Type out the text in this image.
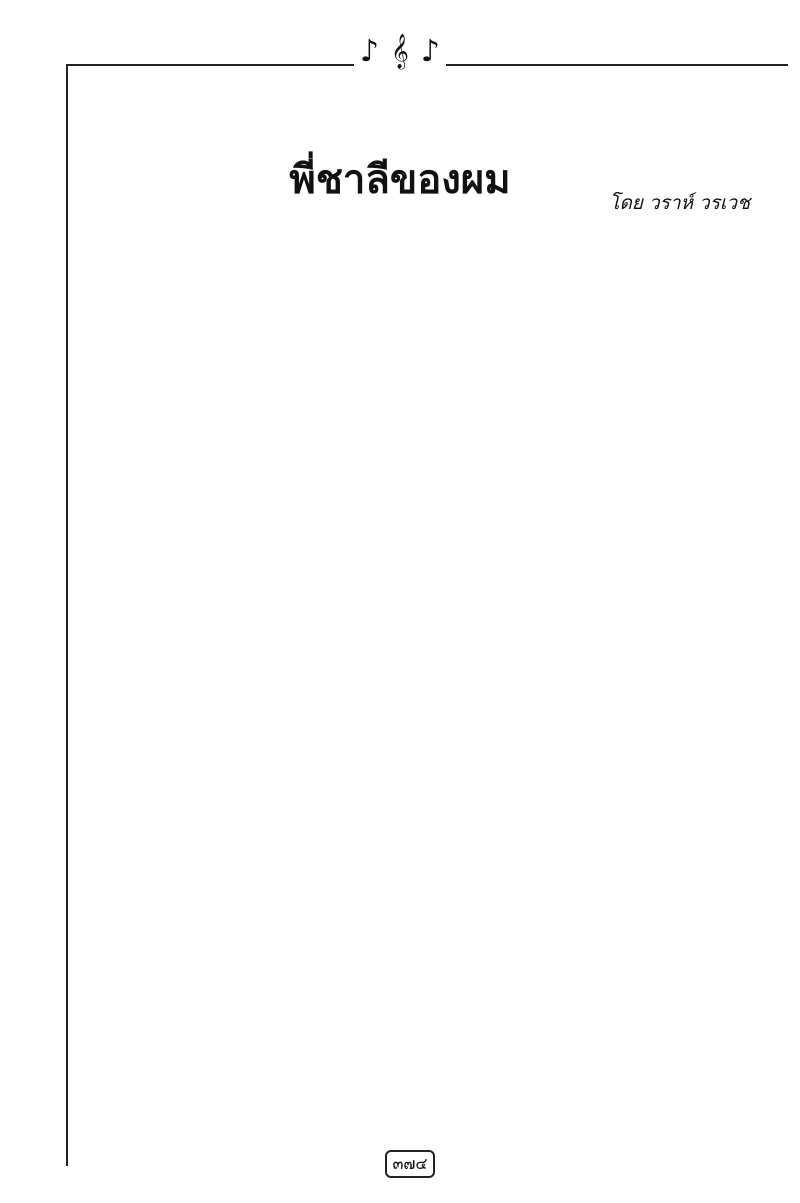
♪ 𝄞 ♪
พี่ชาลีของผม
โดย วราห์ วรเวช

๓๗๔
